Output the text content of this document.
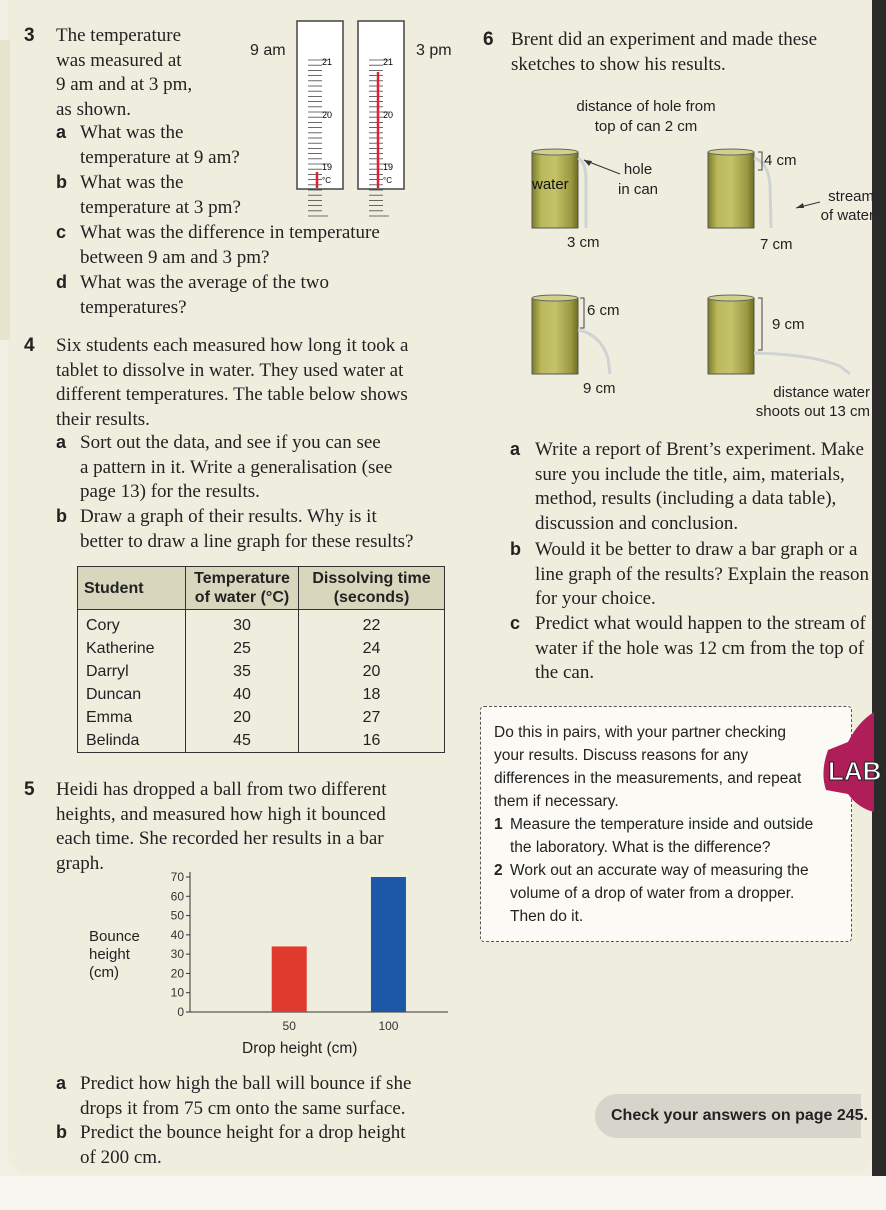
3 The temperature
was measured at
9 am and at 3 pm,
as shown.
a What was the
temperature at 9 am?
b What was the
temperature at 3 pm?
c What was the difference in temperature
between 9 am and 3 pm?
d What was the average of the two
temperatures?
9 am	3 pm
21
20
19
°C
21
20
19
°C
4 Six students each measured how long it took a
tablet to dissolve in water. They used water at
different temperatures. The table below shows
their results.
a Sort out the data, and see if you can see
a pattern in it. Write a generalisation (see
page 13) for the results.
b Draw a graph of their results. Why is it
better to draw a line graph for these results?
Student	Temperature of water (°C)	Dissolving time (seconds)
Cory	30	22
Katherine	25	24
Darryl	35	20
Duncan	40	18
Emma	20	27
Belinda	45	16
5 Heidi has dropped a ball from two different
heights, and measured how high it bounced
each time. She recorded her results in a bar
graph.
Bounce
height
(cm)
0
10
20
30
40
50
60
70
50	100
Drop height (cm)
a Predict how high the ball will bounce if she
drops it from 75 cm onto the same surface.
b Predict the bounce height for a drop height
of 200 cm.
6 Brent did an experiment and made these
sketches to show his results.
distance of hole from
top of can 2 cm
water
hole
in can
3 cm
4 cm
7 cm
stream
of water
6 cm
9 cm
9 cm
distance water
shoots out 13 cm
a Write a report of Brent’s experiment. Make
sure you include the title, aim, materials,
method, results (including a data table),
discussion and conclusion.
b Would it be better to draw a bar graph or a
line graph of the results? Explain the reason
for your choice.
c Predict what would happen to the stream of
water if the hole was 12 cm from the top of
the can.
Do this in pairs, with your partner checking
your results. Discuss reasons for any
differences in the measurements, and repeat
them if necessary.
1 Measure the temperature inside and outside
the laboratory. What is the difference?
2 Work out an accurate way of measuring the
volume of a drop of water from a dropper.
Then do it.
LAB
Check your answers on page 245.
